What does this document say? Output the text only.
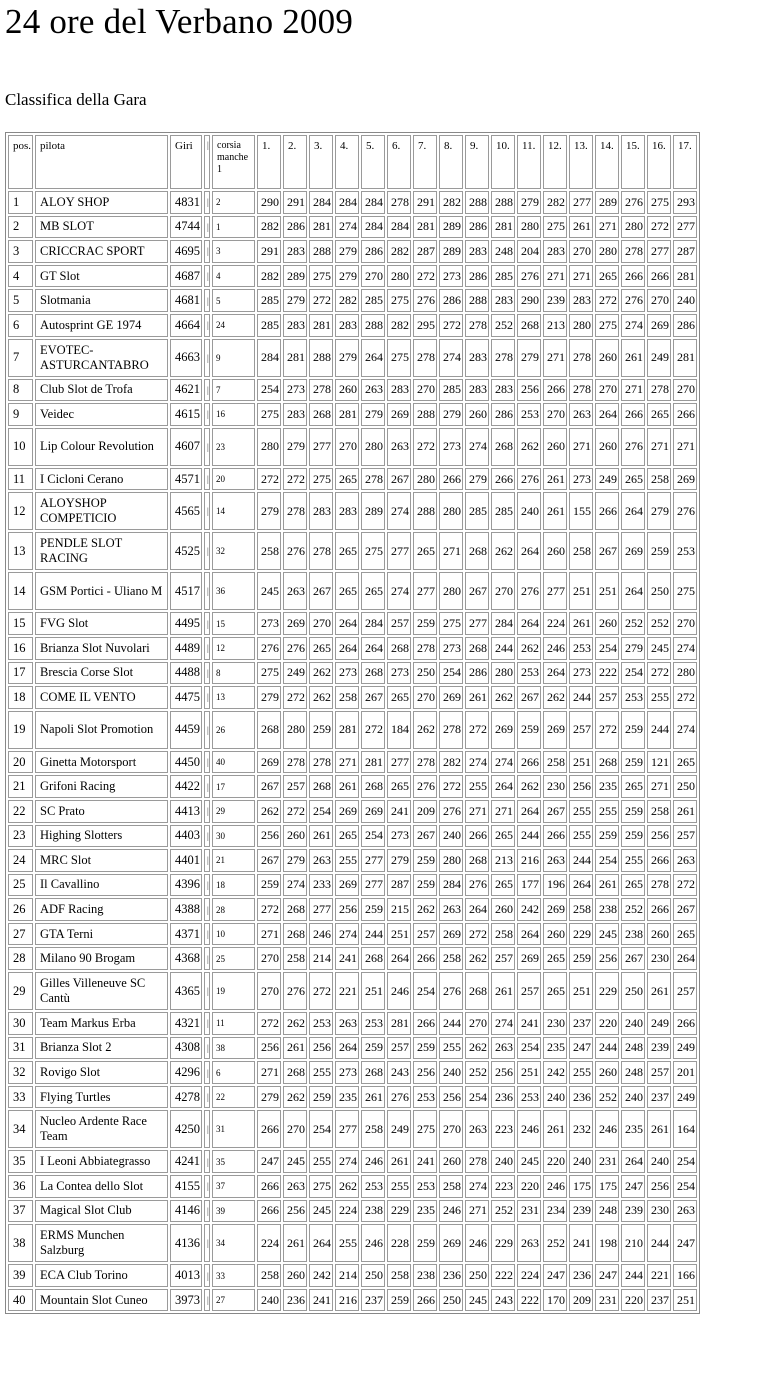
24 ore del Verbano 2009
Classifica della Gara
pos.	pilota	Giri	|	corsia manche 1	1.	2.	3.	4.	5.	6.	7.	8.	9.	10.	11.	12.	13.	14.	15.	16.	17.
1	ALOY SHOP	4831	|	2	290	291	284	284	284	278	291	282	288	288	279	282	277	289	276	275	293
2	MB SLOT	4744	|	1	282	286	281	274	284	284	281	289	286	281	280	275	261	271	280	272	277
3	CRICCRAC SPORT	4695	|	3	291	283	288	279	286	282	287	289	283	248	204	283	270	280	278	277	287
4	GT Slot	4687	|	4	282	289	275	279	270	280	272	273	286	285	276	271	271	265	266	266	281
5	Slotmania	4681	|	5	285	279	272	282	285	275	276	286	288	283	290	239	283	272	276	270	240
6	Autosprint GE 1974	4664	|	24	285	283	281	283	288	282	295	272	278	252	268	213	280	275	274	269	286
7	EVOTEC-ASTURCANTABRO	4663	|	9	284	281	288	279	264	275	278	274	283	278	279	271	278	260	261	249	281
8	Club Slot de Trofa	4621	|	7	254	273	278	260	263	283	270	285	283	283	256	266	278	270	271	278	270
9	Veidec	4615	|	16	275	283	268	281	279	269	288	279	260	286	253	270	263	264	266	265	266
10	Lip Colour Revolution	4607	|	23	280	279	277	270	280	263	272	273	274	268	262	260	271	260	276	271	271
11	I Cicloni Cerano	4571	|	20	272	272	275	265	278	267	280	266	279	266	276	261	273	249	265	258	269
12	ALOYSHOP COMPETICIO	4565	|	14	279	278	283	283	289	274	288	280	285	285	240	261	155	266	264	279	276
13	PENDLE SLOT RACING	4525	|	32	258	276	278	265	275	277	265	271	268	262	264	260	258	267	269	259	253
14	GSM Portici - Uliano M	4517	|	36	245	263	267	265	265	274	277	280	267	270	276	277	251	251	264	250	275
15	FVG Slot	4495	|	15	273	269	270	264	284	257	259	275	277	284	264	224	261	260	252	252	270
16	Brianza Slot Nuvolari	4489	|	12	276	276	265	264	264	268	278	273	268	244	262	246	253	254	279	245	274
17	Brescia Corse Slot	4488	|	8	275	249	262	273	268	273	250	254	286	280	253	264	273	222	254	272	280
18	COME IL VENTO	4475	|	13	279	272	262	258	267	265	270	269	261	262	267	262	244	257	253	255	272
19	Napoli Slot Promotion	4459	|	26	268	280	259	281	272	184	262	278	272	269	259	269	257	272	259	244	274
20	Ginetta Motorsport	4450	|	40	269	278	278	271	281	277	278	282	274	274	266	258	251	268	259	121	265
21	Grifoni Racing	4422	|	17	267	257	268	261	268	265	276	272	255	264	262	230	256	235	265	271	250
22	SC Prato	4413	|	29	262	272	254	269	269	241	209	276	271	271	264	267	255	255	259	258	261
23	Highing Slotters	4403	|	30	256	260	261	265	254	273	267	240	266	265	244	266	255	259	259	256	257
24	MRC Slot	4401	|	21	267	279	263	255	277	279	259	280	268	213	216	263	244	254	255	266	263
25	Il Cavallino	4396	|	18	259	274	233	269	277	287	259	284	276	265	177	196	264	261	265	278	272
26	ADF Racing	4388	|	28	272	268	277	256	259	215	262	263	264	260	242	269	258	238	252	266	267
27	GTA Terni	4371	|	10	271	268	246	274	244	251	257	269	272	258	264	260	229	245	238	260	265
28	Milano 90 Brogam	4368	|	25	270	258	214	241	268	264	266	258	262	257	269	265	259	256	267	230	264
29	Gilles Villeneuve SC Cantù	4365	|	19	270	276	272	221	251	246	254	276	268	261	257	265	251	229	250	261	257
30	Team Markus Erba	4321	|	11	272	262	253	263	253	281	266	244	270	274	241	230	237	220	240	249	266
31	Brianza Slot 2	4308	|	38	256	261	256	264	259	257	259	255	262	263	254	235	247	244	248	239	249
32	Rovigo Slot	4296	|	6	271	268	255	273	268	243	256	240	252	256	251	242	255	260	248	257	201
33	Flying Turtles	4278	|	22	279	262	259	235	261	276	253	256	254	236	253	240	236	252	240	237	249
34	Nucleo Ardente Race Team	4250	|	31	266	270	254	277	258	249	275	270	263	223	246	261	232	246	235	261	164
35	I Leoni Abbiategrasso	4241	|	35	247	245	255	274	246	261	241	260	278	240	245	220	240	231	264	240	254
36	La Contea dello Slot	4155	|	37	266	263	275	262	253	255	253	258	274	223	220	246	175	175	247	256	254
37	Magical Slot Club	4146	|	39	266	256	245	224	238	229	235	246	271	252	231	234	239	248	239	230	263
38	ERMS Munchen Salzburg	4136	|	34	224	261	264	255	246	228	259	269	246	229	263	252	241	198	210	244	247
39	ECA Club Torino	4013	|	33	258	260	242	214	250	258	238	236	250	222	224	247	236	247	244	221	166
40	Mountain Slot Cuneo	3973	|	27	240	236	241	216	237	259	266	250	245	243	222	170	209	231	220	237	251
